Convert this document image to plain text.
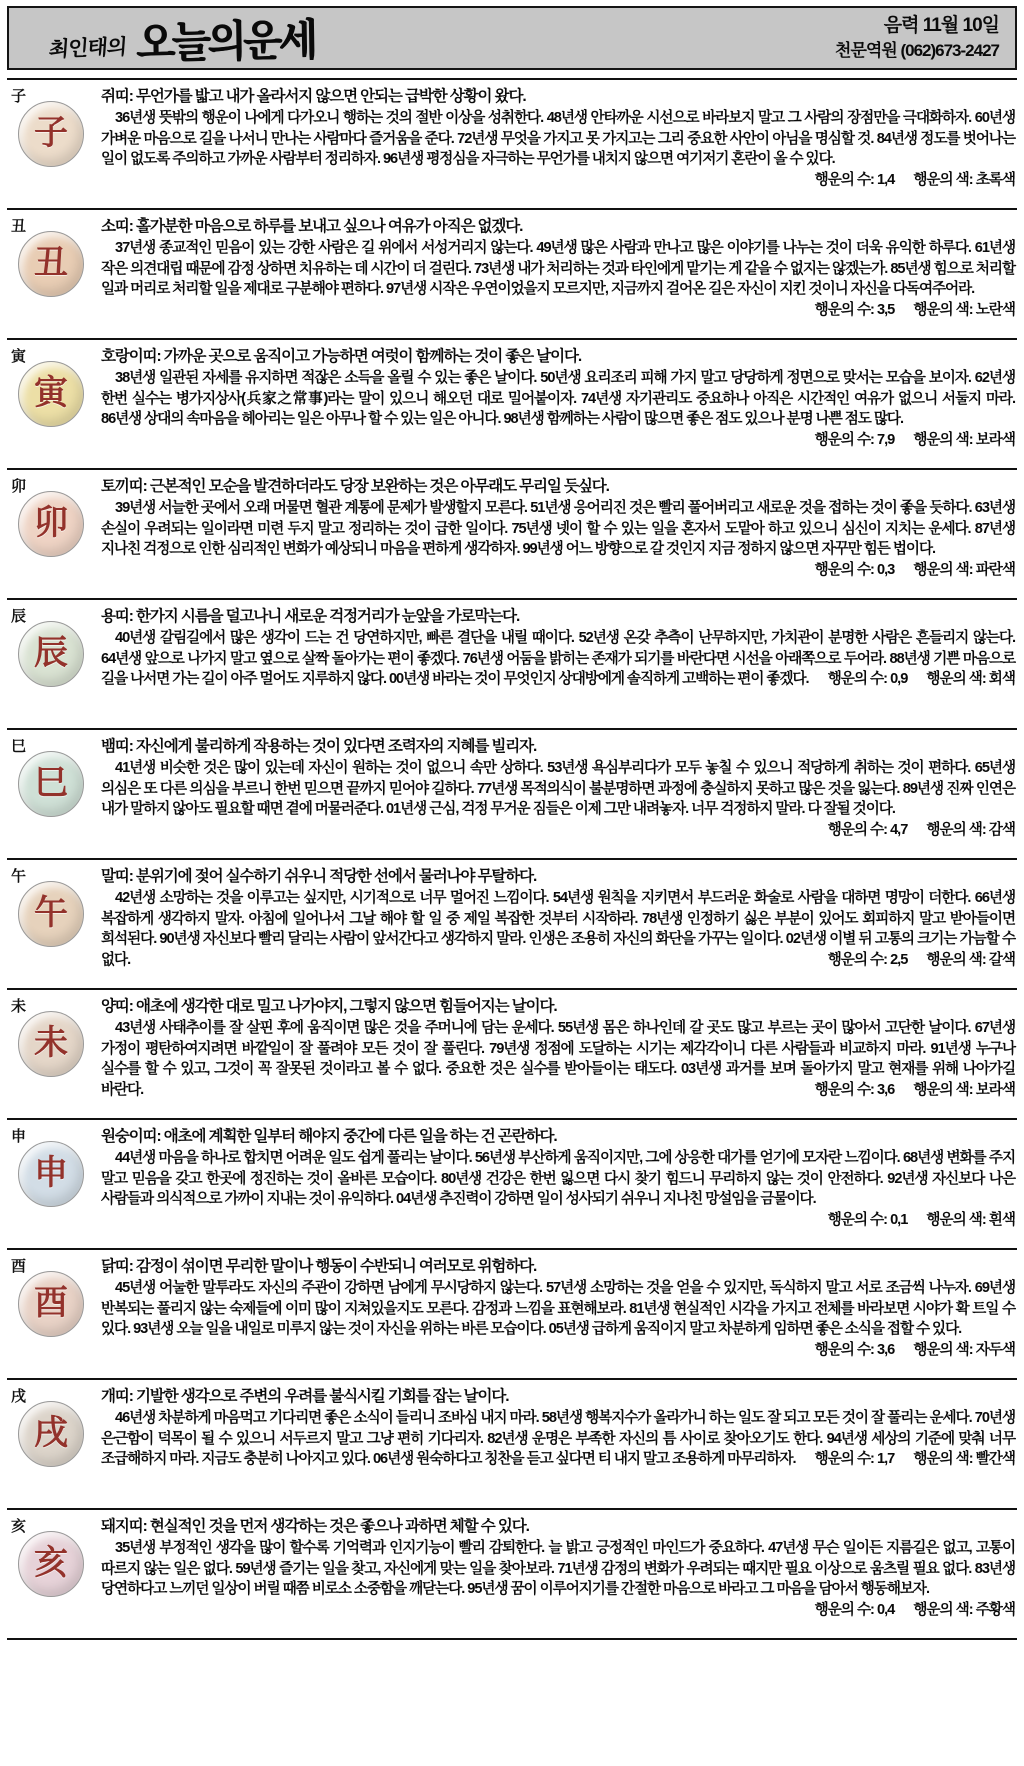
최인태의 오늘의운세	음력 11월 10일
천문역원 (062)673-2427
子
子
쥐띠: 무언가를 밟고 내가 올라서지 않으면 안되는 급박한 상황이 왔다.
36년생 뜻밖의 행운이 나에게 다가오니 행하는 것의 절반 이상을 성취한다. 48년생 안타까운 시선으로 바라보지 말고 그 사람의 장점만을 극대화하자. 60년생 가벼운 마음으로 길을 나서니 만나는 사람마다 즐거움을 준다. 72년생 무엇을 가지고 못 가지고는 그리 중요한 사안이 아님을 명심할 것. 84년생 정도를 벗어나는 일이 없도록 주의하고 가까운 사람부터 정리하자. 96년생 평정심을 자극하는 무언가를 내치지 않으면 여기저기 혼란이 올 수 있다.
행운의 수: 1,4 행운의 색: 초록색
丑
丑
소띠: 홀가분한 마음으로 하루를 보내고 싶으나 여유가 아직은 없겠다.
37년생 종교적인 믿음이 있는 강한 사람은 길 위에서 서성거리지 않는다. 49년생 많은 사람과 만나고 많은 이야기를 나누는 것이 더욱 유익한 하루다. 61년생 작은 의견대립 때문에 감정 상하면 치유하는 데 시간이 더 걸린다. 73년생 내가 처리하는 것과 타인에게 맡기는 게 같을 수 없지는 않겠는가. 85년생 힘으로 처리할 일과 머리로 처리할 일을 제대로 구분해야 편하다. 97년생 시작은 우연이었을지 모르지만, 지금까지 걸어온 길은 자신이 지킨 것이니 자신을 다독여주어라.
행운의 수: 3,5 행운의 색: 노란색
寅
寅
호랑이띠: 가까운 곳으로 움직이고 가능하면 여럿이 함께하는 것이 좋은 날이다.
38년생 일관된 자세를 유지하면 적잖은 소득을 올릴 수 있는 좋은 날이다. 50년생 요리조리 피해 가지 말고 당당하게 정면으로 맞서는 모습을 보이자. 62년생 한번 실수는 병가지상사(兵家之常事)라는 말이 있으니 해오던 대로 밀어붙이자. 74년생 자기관리도 중요하나 아직은 시간적인 여유가 없으니 서둘지 마라. 86년생 상대의 속마음을 헤아리는 일은 아무나 할 수 있는 일은 아니다. 98년생 함께하는 사람이 많으면 좋은 점도 있으나 분명 나쁜 점도 많다.
행운의 수: 7,9 행운의 색: 보라색
卯
卯
토끼띠: 근본적인 모순을 발견하더라도 당장 보완하는 것은 아무래도 무리일 듯싶다.
39년생 서늘한 곳에서 오래 머물면 혈관 계통에 문제가 발생할지 모른다. 51년생 응어리진 것은 빨리 풀어버리고 새로운 것을 접하는 것이 좋을 듯하다. 63년생 손실이 우려되는 일이라면 미련 두지 말고 정리하는 것이 급한 일이다. 75년생 넷이 할 수 있는 일을 혼자서 도맡아 하고 있으니 심신이 지치는 운세다. 87년생 지나친 걱정으로 인한 심리적인 변화가 예상되니 마음을 편하게 생각하자. 99년생 어느 방향으로 갈 것인지 지금 정하지 않으면 자꾸만 힘든 법이다.
행운의 수: 0,3 행운의 색: 파란색
辰
辰
용띠: 한가지 시름을 덜고나니 새로운 걱정거리가 눈앞을 가로막는다.
40년생 갈림길에서 많은 생각이 드는 건 당연하지만, 빠른 결단을 내릴 때이다. 52년생 온갖 추측이 난무하지만, 가치관이 분명한 사람은 흔들리지 않는다. 64년생 앞으로 나가지 말고 옆으로 살짝 돌아가는 편이 좋겠다. 76년생 어둠을 밝히는 존재가 되기를 바란다면 시선을 아래쪽으로 두어라. 88년생 기쁜 마음으로 길을 나서면 가는 길이 아주 멀어도 지루하지 않다. 00년생 바라는 것이 무엇인지 상대방에게 솔직하게 고백하는 편이 좋겠다.	행운의 수: 0,9 행운의 색: 회색
巳
巳
뱀띠: 자신에게 불리하게 작용하는 것이 있다면 조력자의 지혜를 빌리자.
41년생 비슷한 것은 많이 있는데 자신이 원하는 것이 없으니 속만 상하다. 53년생 욕심부리다가 모두 놓칠 수 있으니 적당하게 취하는 것이 편하다. 65년생 의심은 또 다른 의심을 부르니 한번 믿으면 끝까지 믿어야 길하다. 77년생 목적의식이 불분명하면 과정에 충실하지 못하고 많은 것을 잃는다. 89년생 진짜 인연은 내가 말하지 않아도 필요할 때면 곁에 머물러준다. 01년생 근심, 걱정 무거운 짐들은 이제 그만 내려놓자. 너무 걱정하지 말라. 다 잘될 것이다.
행운의 수: 4,7 행운의 색: 감색
午
午
말띠: 분위기에 젖어 실수하기 쉬우니 적당한 선에서 물러나야 무탈하다.
42년생 소망하는 것을 이루고는 싶지만, 시기적으로 너무 멀어진 느낌이다. 54년생 원칙을 지키면서 부드러운 화술로 사람을 대하면 명망이 더한다. 66년생 복잡하게 생각하지 말자. 아침에 일어나서 그날 해야 할 일 중 제일 복잡한 것부터 시작하라. 78년생 인정하기 싫은 부분이 있어도 회피하지 말고 받아들이면 희석된다. 90년생 자신보다 빨리 달리는 사람이 앞서간다고 생각하지 말라. 인생은 조용히 자신의 화단을 가꾸는 일이다. 02년생 이별 뒤 고통의 크기는 가늠할 수 없다.	행운의 수: 2,5 행운의 색: 갈색
未
未
양띠: 애초에 생각한 대로 밀고 나가야지, 그렇지 않으면 힘들어지는 날이다.
43년생 사태추이를 잘 살핀 후에 움직이면 많은 것을 주머니에 담는 운세다. 55년생 몸은 하나인데 갈 곳도 많고 부르는 곳이 많아서 고단한 날이다. 67년생 가정이 평탄하여지려면 바깥일이 잘 풀려야 모든 것이 잘 풀린다. 79년생 정점에 도달하는 시기는 제각각이니 다른 사람들과 비교하지 마라. 91년생 누구나 실수를 할 수 있고, 그것이 꼭 잘못된 것이라고 볼 수 없다. 중요한 것은 실수를 받아들이는 태도다. 03년생 과거를 보며 돌아가지 말고 현재를 위해 나아가길 바란다.	행운의 수: 3,6 행운의 색: 보라색
申
申
원숭이띠: 애초에 계획한 일부터 해야지 중간에 다른 일을 하는 건 곤란하다.
44년생 마음을 하나로 합치면 어려운 일도 쉽게 풀리는 날이다. 56년생 부산하게 움직이지만, 그에 상응한 대가를 얻기에 모자란 느낌이다. 68년생 변화를 주지 말고 믿음을 갖고 한곳에 정진하는 것이 올바른 모습이다. 80년생 건강은 한번 잃으면 다시 찾기 힘드니 무리하지 않는 것이 안전하다. 92년생 자신보다 나은 사람들과 의식적으로 가까이 지내는 것이 유익하다. 04년생 추진력이 강하면 일이 성사되기 쉬우니 지나친 망설임을 금물이다.
행운의 수: 0,1 행운의 색: 흰색
酉
酉
닭띠: 감정이 섞이면 무리한 말이나 행동이 수반되니 여러모로 위험하다.
45년생 어눌한 말투라도 자신의 주관이 강하면 남에게 무시당하지 않는다. 57년생 소망하는 것을 얻을 수 있지만, 독식하지 말고 서로 조금씩 나누자. 69년생 반복되는 풀리지 않는 숙제들에 이미 많이 지쳐있을지도 모른다. 감정과 느낌을 표현해보라. 81년생 현실적인 시각을 가지고 전체를 바라보면 시야가 확 트일 수 있다. 93년생 오늘 일을 내일로 미루지 않는 것이 자신을 위하는 바른 모습이다. 05년생 급하게 움직이지 말고 차분하게 임하면 좋은 소식을 접할 수 있다.
행운의 수: 3,6 행운의 색: 자두색
戌
戌
개띠: 기발한 생각으로 주변의 우려를 불식시킬 기회를 잡는 날이다.
46년생 차분하게 마음먹고 기다리면 좋은 소식이 들리니 조바심 내지 마라. 58년생 행복지수가 올라가니 하는 일도 잘 되고 모든 것이 잘 풀리는 운세다. 70년생 은근함이 덕목이 될 수 있으니 서두르지 말고 그냥 편히 기다리자. 82년생 운명은 부족한 자신의 틈 사이로 찾아오기도 한다. 94년생 세상의 기준에 맞춰 너무 조급해하지 마라. 지금도 충분히 나아지고 있다. 06년생 원숙하다고 칭찬을 듣고 싶다면 티 내지 말고 조용하게 마무리하자.	행운의 수: 1,7 행운의 색: 빨간색
亥
亥
돼지띠: 현실적인 것을 먼저 생각하는 것은 좋으나 과하면 체할 수 있다.
35년생 부정적인 생각을 많이 할수록 기억력과 인지기능이 빨리 감퇴한다. 늘 밝고 긍정적인 마인드가 중요하다. 47년생 무슨 일이든 지름길은 없고, 고통이 따르지 않는 일은 없다. 59년생 즐기는 일을 찾고, 자신에게 맞는 일을 찾아보라. 71년생 감정의 변화가 우려되는 때지만 필요 이상으로 움츠릴 필요 없다. 83년생 당연하다고 느끼던 일상이 버릴 때쯤 비로소 소중함을 깨닫는다. 95년생 꿈이 이루어지기를 간절한 마음으로 바라고 그 마음을 담아서 행동해보자.
행운의 수: 0,4 행운의 색: 주황색
